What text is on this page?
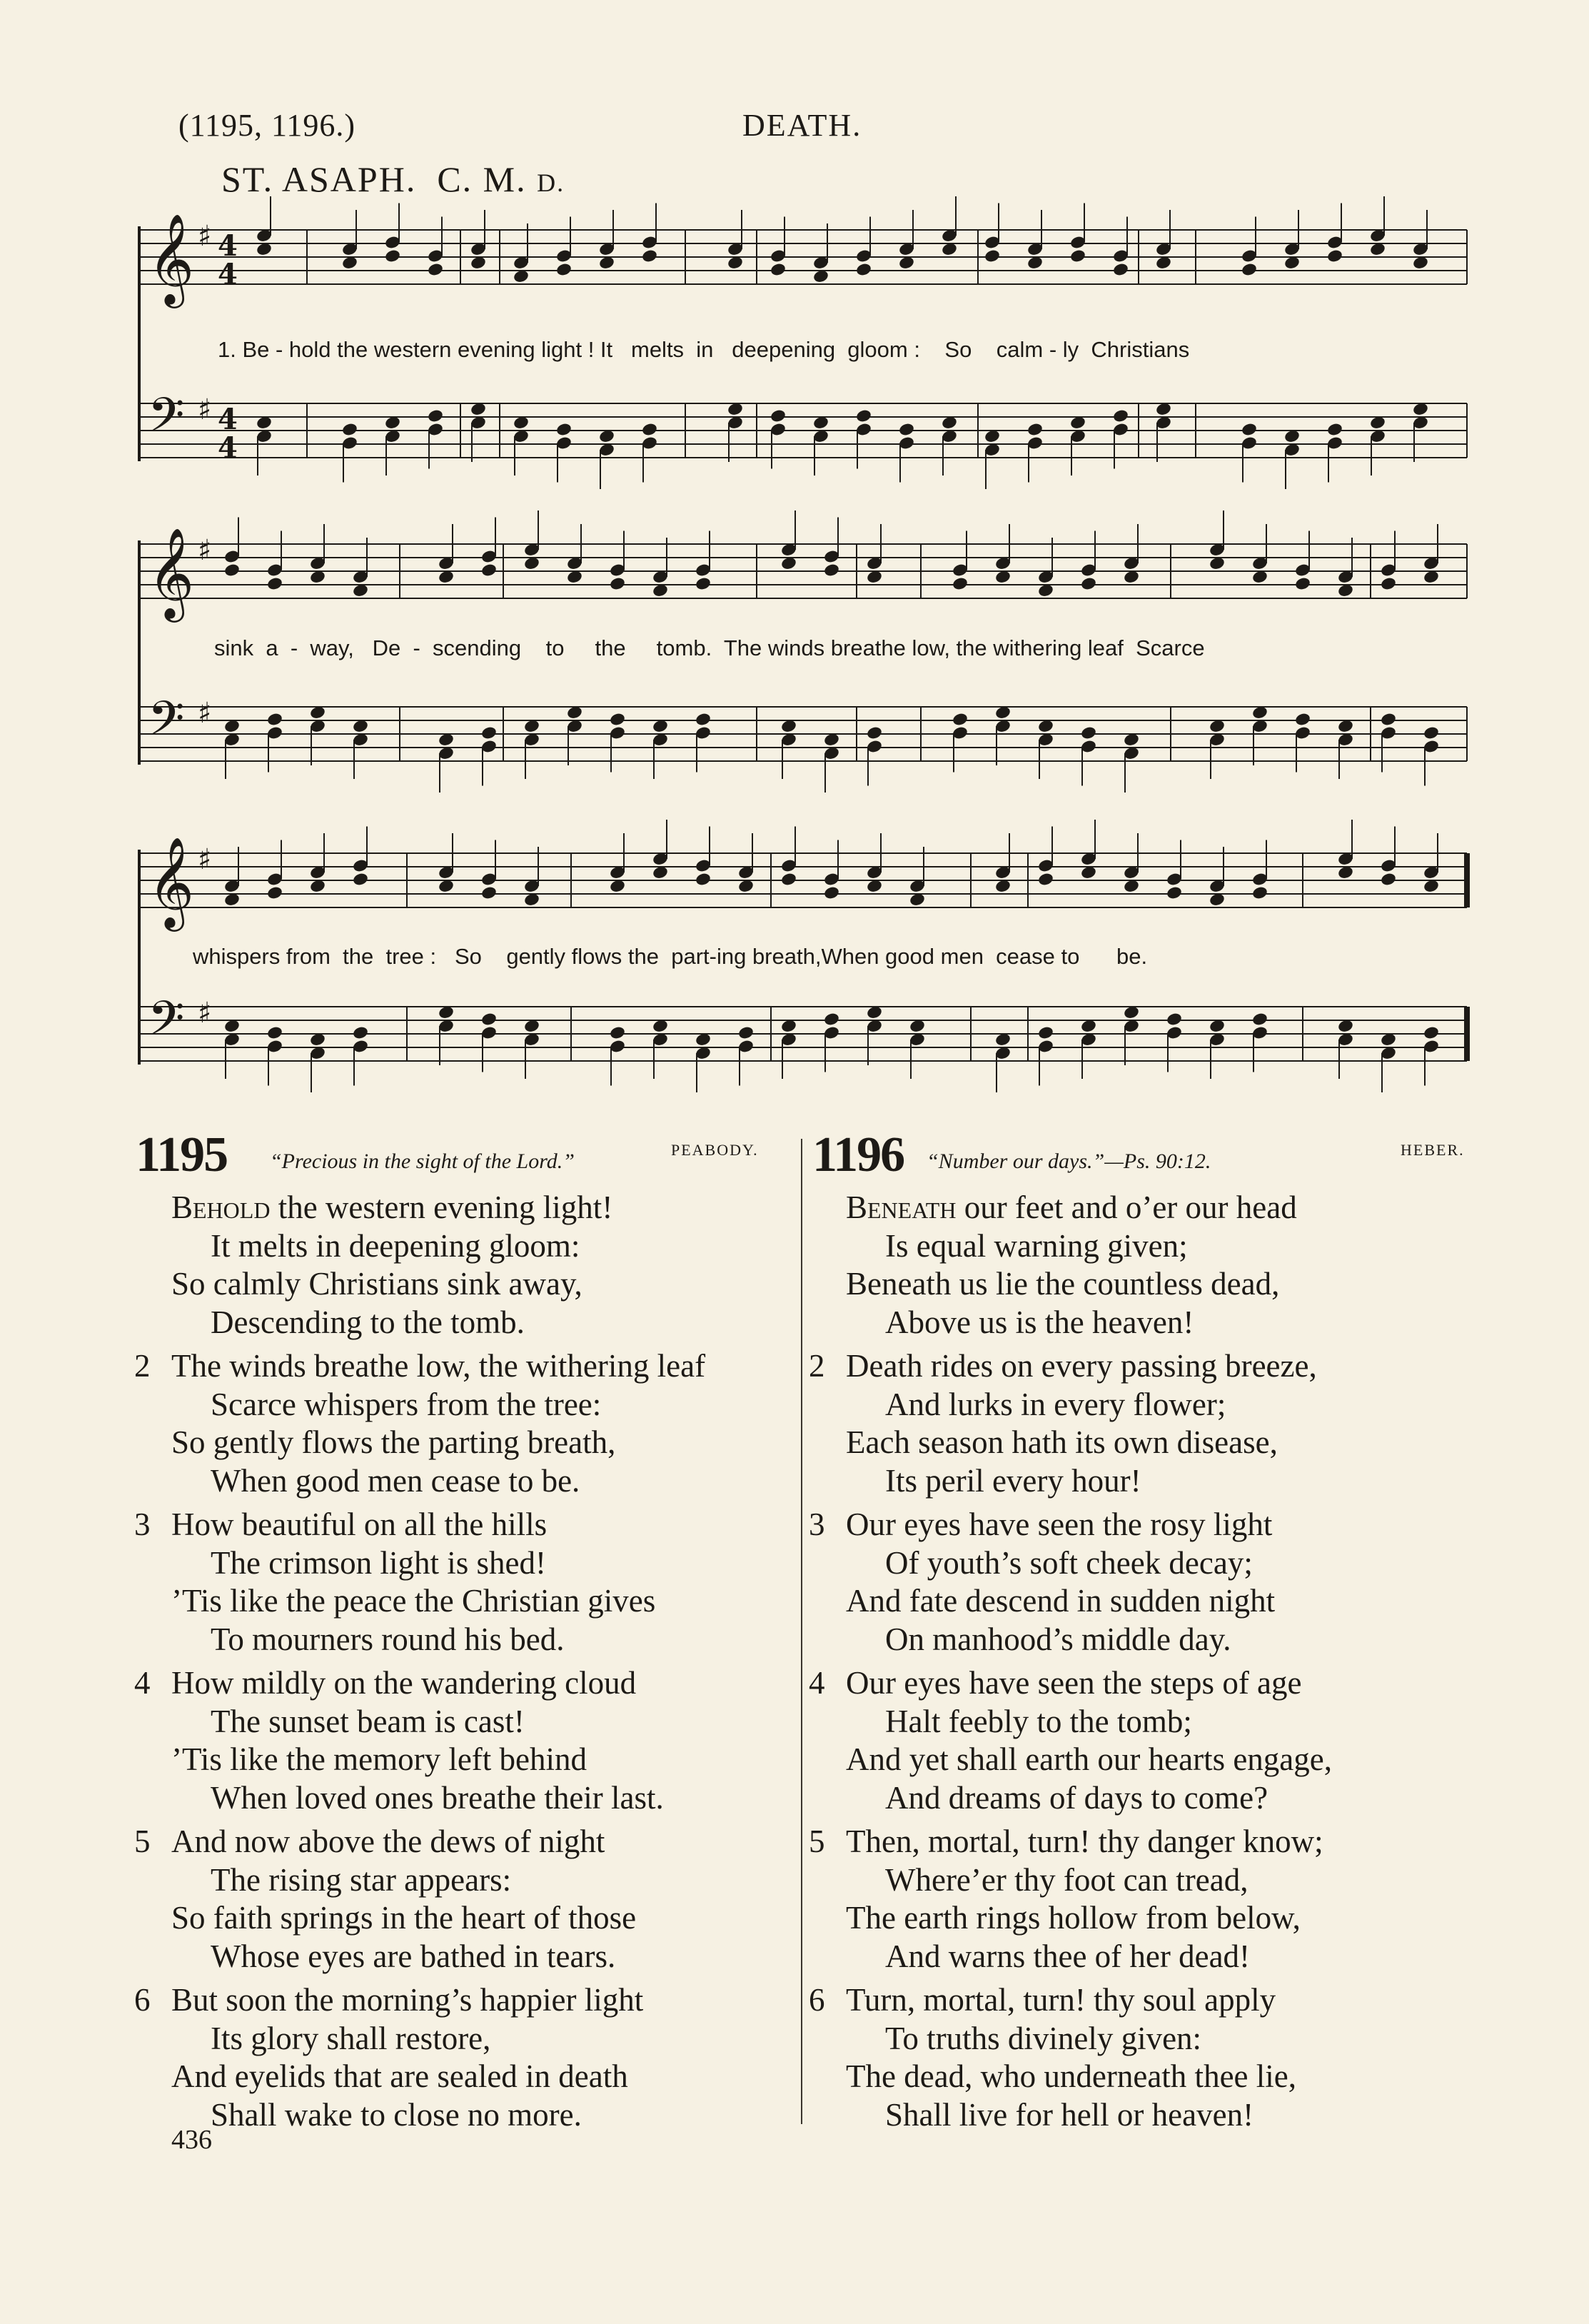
(1195, 1196.)	DEATH.
ST. ASAPH. C. M. D.
𝄞 ♯ 4
4
𝄢 ♯ 4
4
𝄞 ♯
𝄢 ♯
𝄞 ♯
𝄢 ♯
1. Be - hold the western evening light ! It   melts  in   deepening  gloom :    So    calm - ly  Christians
sink  a  -  way,   De  -  scending    to     the     tomb.  The winds breathe low, the withering leaf  Scarce
whispers from  the  tree :   So    gently flows the  part-ing breath,When good men  cease to      be.
1195 “Precious in the sight of the Lord.”	PEABODY. 1196 “Number our days.”—Ps. 90:12.	HEBER.
Behold the western evening light!
It melts in deepening gloom:
So calmly Christians sink away,
Descending to the tomb.
2 The winds breathe low, the withering leaf
Scarce whispers from the tree:
So gently flows the parting breath,
When good men cease to be.
3 How beautiful on all the hills
The crimson light is shed!
’Tis like the peace the Christian gives
To mourners round his bed.
4 How mildly on the wandering cloud
The sunset beam is cast!
’Tis like the memory left behind
When loved ones breathe their last.
5 And now above the dews of night
The rising star appears:
So faith springs in the heart of those
Whose eyes are bathed in tears.
6 But soon the morning’s happier light
Its glory shall restore,
And eyelids that are sealed in death
Shall wake to close no more.
Beneath our feet and o’er our head
Is equal warning given;
Beneath us lie the countless dead,
Above us is the heaven!
2 Death rides on every passing breeze,
And lurks in every flower;
Each season hath its own disease,
Its peril every hour!
3 Our eyes have seen the rosy light
Of youth’s soft cheek decay;
And fate descend in sudden night
On manhood’s middle day.
4 Our eyes have seen the steps of age
Halt feebly to the tomb;
And yet shall earth our hearts engage,
And dreams of days to come?
5 Then, mortal, turn! thy danger know;
Where’er thy foot can tread,
The earth rings hollow from below,
And warns thee of her dead!
6 Turn, mortal, turn! thy soul apply
To truths divinely given:
The dead, who underneath thee lie,
Shall live for hell or heaven!
436
